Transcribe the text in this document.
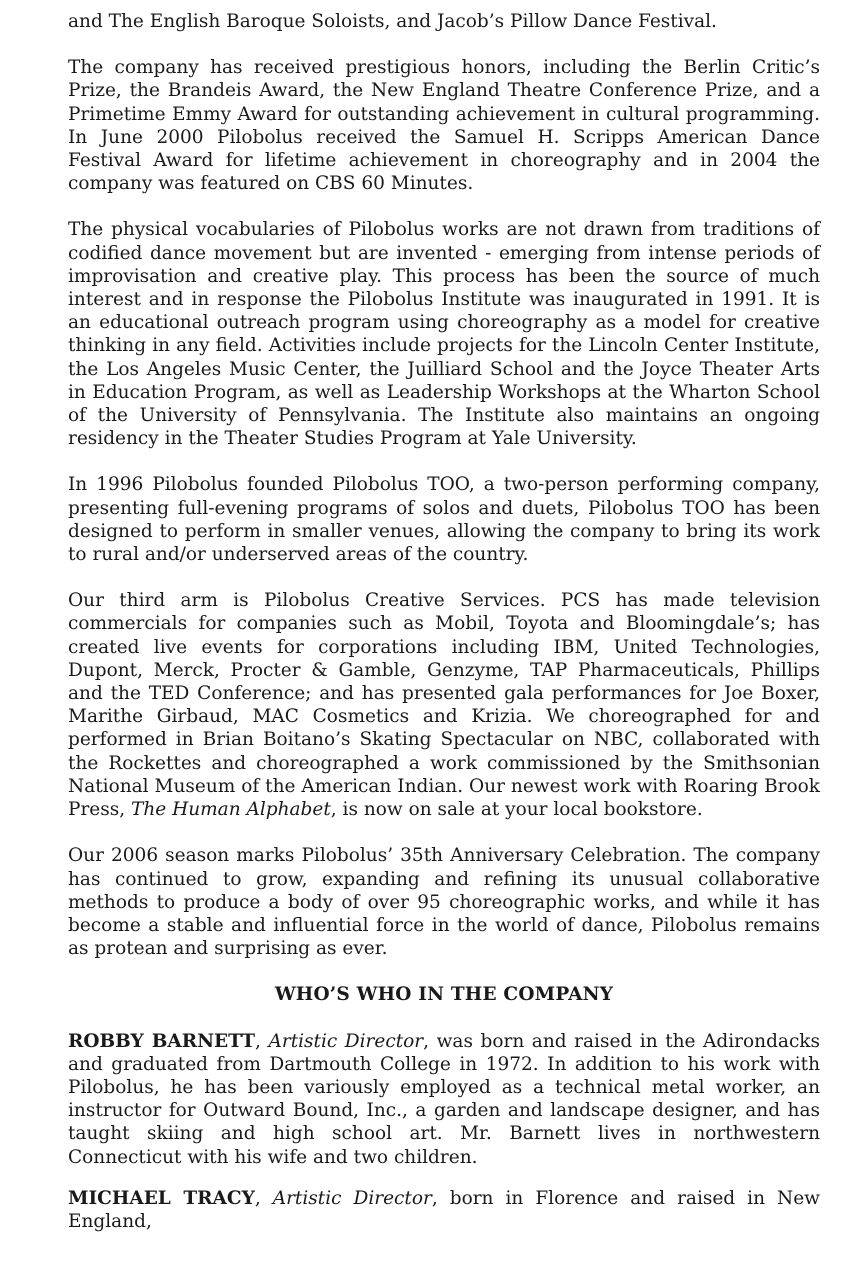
and The English Baroque Soloists, and Jacob’s Pillow Dance Festival.

The company has received prestigious honors, including the Berlin Critic’s Prize, the Brandeis Award, the New England Theatre Conference Prize, and a Primetime Emmy Award for outstanding achievement in cultural programming. In June 2000 Pilobolus received the Samuel H. Scripps American Dance Festival Award for lifetime achievement in choreography and in 2004 the company was featured on CBS 60 Minutes.

The physical vocabularies of Pilobolus works are not drawn from traditions of codified dance movement but are invented - emerging from intense periods of improvisation and creative play. This process has been the source of much interest and in response the Pilobolus Institute was inaugurated in 1991. It is an educational outreach program using choreography as a model for creative thinking in any field. Activities include projects for the Lincoln Center Institute, the Los Angeles Music Center, the Juilliard School and the Joyce Theater Arts in Education Program, as well as Leadership Workshops at the Wharton School of the University of Pennsylvania. The Institute also maintains an ongoing residency in the Theater Studies Program at Yale University.

In 1996 Pilobolus founded Pilobolus TOO, a two-person performing company, presenting full-evening programs of solos and duets, Pilobolus TOO has been designed to perform in smaller venues, allowing the company to bring its work to rural and/or underserved areas of the country.

Our third arm is Pilobolus Creative Services. PCS has made television commercials for companies such as Mobil, Toyota and Bloomingdale’s; has created live events for corporations including IBM, United Technologies, Dupont, Merck, Procter & Gamble, Genzyme, TAP Pharmaceuticals, Phillips and the TED Conference; and has presented gala performances for Joe Boxer, Marithe Girbaud, MAC Cosmetics and Krizia. We choreographed for and performed in Brian Boitano’s Skating Spectacular on NBC, collaborated with the Rockettes and choreographed a work commissioned by the Smithsonian National Museum of the American Indian. Our newest work with Roaring Brook Press, The Human Alphabet, is now on sale at your local bookstore.

Our 2006 season marks Pilobolus’ 35th Anniversary Celebration. The company has continued to grow, expanding and refining its unusual collaborative methods to produce a body of over 95 choreographic works, and while it has become a stable and influential force in the world of dance, Pilobolus remains as protean and surprising as ever.

WHO’S WHO IN THE COMPANY

ROBBY BARNETT, Artistic Director, was born and raised in the Adirondacks and graduated from Dartmouth College in 1972. In addition to his work with Pilobolus, he has been variously employed as a technical metal worker, an instructor for Outward Bound, Inc., a garden and landscape designer, and has taught skiing and high school art. Mr. Barnett lives in northwestern Connecticut with his wife and two children.

MICHAEL TRACY, Artistic Director, born in Florence and raised in New England,
